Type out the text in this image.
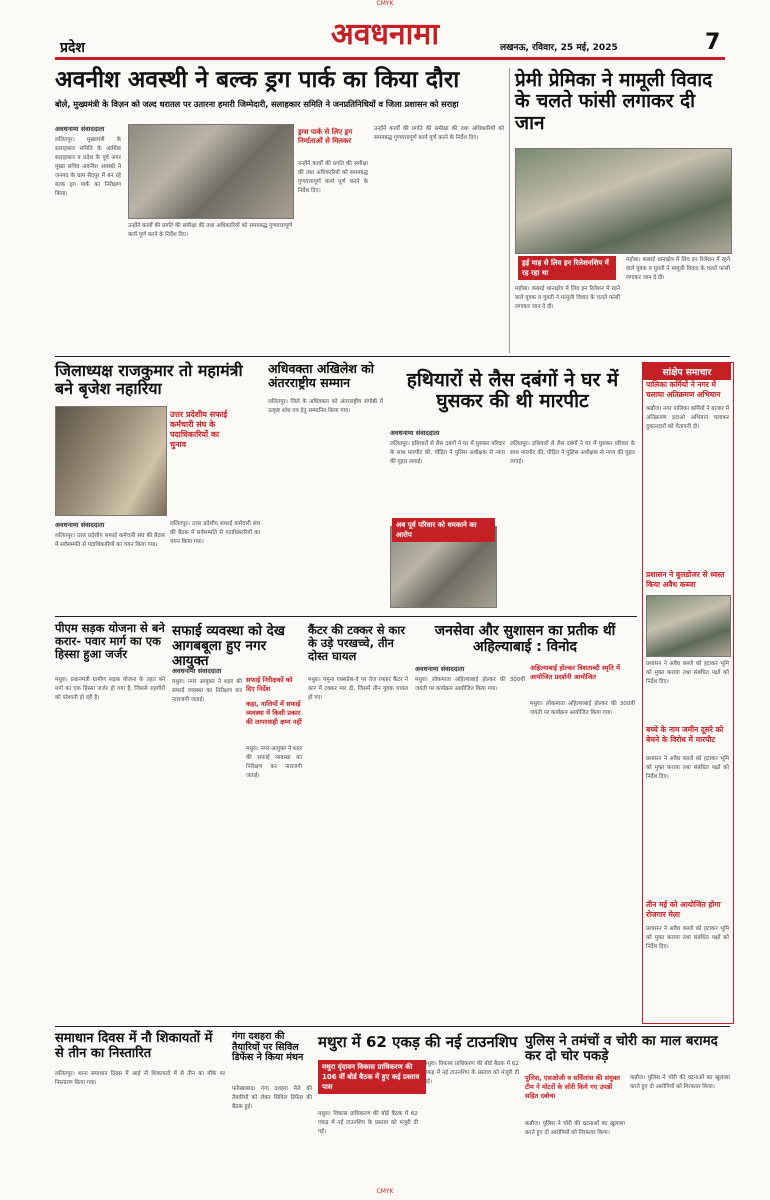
CMYK
प्रदेश	अवधनामा	लखनऊ, रविवार, 25 मई, 2025	7
अवनीश अवस्थी ने बल्क ड्रग पार्क का किया दौरा
बोले, मुख्यमंत्री के विज़न को जल्द धरातल पर उतारना हमारी जिम्मेदारी, सलाहकार समिति ने जनप्रतिनिधियों व जिला प्रशासन को सराहा
अवधनामा संवाददाता
ललितपुर। मुख्यमंत्री के सलाहकार समिति के आर्थिक सलाहकार व प्रदेश के पूर्व अपर मुख्य सचिव अवनीश अवस्थी ने जनपद के ग्राम सैदपुर में बन रहे बल्क ड्रग पार्क का निरीक्षण किया।
उन्होंने कार्यों की प्रगति की समीक्षा की तथा अधिकारियों को समयबद्ध गुणवत्तापूर्ण कार्य पूर्ण करने के निर्देश दिए।
ड्रग्स पार्क से लिए ड्रग निर्माताओं से मिलकर
उन्होंने कार्यों की प्रगति की समीक्षा की तथा अधिकारियों को समयबद्ध गुणवत्तापूर्ण कार्य पूर्ण करने के निर्देश दिए।
उन्होंने कार्यों की प्रगति की समीक्षा की तथा अधिकारियों को समयबद्ध गुणवत्तापूर्ण कार्य पूर्ण करने के निर्देश दिए।
प्रेमी प्रेमिका ने मामूली विवाद के चलते फांसी लगाकर दी जान
ड्रई माह से लिव इन रिलेशनशिप में रह रहा था
महोबा। कबरई थानाक्षेत्र में लिव इन रिलेशन में रहने वाले युवक व युवती ने मामूली विवाद के चलते फांसी लगाकर जान दे दी।
महोबा। कबरई थानाक्षेत्र में लिव इन रिलेशन में रहने वाले युवक व युवती ने मामूली विवाद के चलते फांसी लगाकर जान दे दी।
जिलाध्यक्ष राजकुमार तो महामंत्री बने बृजेश नहारिया
उत्तर प्रदेशीय सफाई कर्मचारी संघ के पदाधिकारियों का चुनाव
अवधनामा संवाददाता
ललितपुर। उत्तर प्रदेशीय सफाई कर्मचारी संघ की बैठक में सर्वसम्मति से पदाधिकारियों का चयन किया गया।
ललितपुर। उत्तर प्रदेशीय सफाई कर्मचारी संघ की बैठक में सर्वसम्मति से पदाधिकारियों का चयन किया गया।
अधिवक्ता अखिलेश को अंतरराष्ट्रीय सम्मान
ललितपुर। जिले के अधिवक्ता को अंतरराष्ट्रीय संगोष्ठी में उत्कृष्ट शोध पत्र हेतु सम्मानित किया गया।
हथियारों से लैस दबंगों ने घर में घुसकर की थी मारपीट
अवधनामा संवाददाता
ललितपुर। हथियारों से लैस दबंगों ने घर में घुसकर परिवार के साथ मारपीट की, पीड़ित ने पुलिस अधीक्षक से न्याय की गुहार लगाई।
अब पूर्व परिवार को धमकाने का आरोप
ललितपुर। हथियारों से लैस दबंगों ने घर में घुसकर परिवार के साथ मारपीट की, पीड़ित ने पुलिस अधीक्षक से न्याय की गुहार लगाई।
सांक्षेप समाचार
पालिका कर्मियों ने नगर में चलाया अतिक्रमण अभियान
कन्नौज। नगर पालिका कर्मियों ने बाजार में अतिक्रमण हटाओ अभियान चलाकर दुकानदारों को चेतावनी दी।
प्रशासन ने बुलडोजर से ध्वस्त किया अवैध कब्जा
प्रशासन ने अवैध कब्जे को हटाकर भूमि को मुक्त कराया तथा संबंधित पक्षों को निर्देश दिए।
बच्चे के नाम जमीन दूसरे को बेचने के विरोध में मारपीट
प्रशासन ने अवैध कब्जे को हटाकर भूमि को मुक्त कराया तथा संबंधित पक्षों को निर्देश दिए।
तीन मई को आयोजित होगा रोजगार मेला
प्रशासन ने अवैध कब्जे को हटाकर भूमि को मुक्त कराया तथा संबंधित पक्षों को निर्देश दिए।
पीएम सड़क योजना से बने करार- पवार मार्ग का एक हिस्सा हुआ जर्जर
मथुरा। प्रधानमंत्री ग्रामीण सड़क योजना के तहत बने मार्ग का एक हिस्सा जर्जर हो गया है, जिससे राहगीरों को परेशानी हो रही है।
सफाई व्यवस्था को देख आगबबूला हुए नगर आयुक्त
अवधनामा संवाददाता
मथुरा। नगर आयुक्त ने शहर की सफाई व्यवस्था का निरीक्षण कर नाराजगी जताई।
सफाई निरीक्षकों को दिए निर्देश
कहा, नालियों में सफाई व्यवस्था में किसी प्रकार की लापरवाही क्षम्य नहीं
मथुरा। नगर आयुक्त ने शहर की सफाई व्यवस्था का निरीक्षण कर नाराजगी जताई।
कैंटर की टक्कर से कार के उड़े परखच्चे, तीन दोस्त घायल
मथुरा। यमुना एक्सप्रेस-वे पर तेज रफ्तार कैंटर ने कार में टक्कर मार दी, जिसमें तीन युवक घायल हो गए।
जनसेवा और सुशासन का प्रतीक थीं अहिल्याबाई : विनोद
अवधनामा संवाददाता
मथुरा। लोकमाता अहिल्याबाई होल्कर की 300वीं जयंती पर कार्यक्रम आयोजित किया गया।
अहिल्याबाई होल्कर त्रिशताब्दी स्मृति में आयोजित प्रदर्शनी आयोजित
मथुरा। लोकमाता अहिल्याबाई होल्कर की 300वीं जयंती पर कार्यक्रम आयोजित किया गया।
समाधान दिवस में नौ शिकायतों में से तीन का निस्तारित
ललितपुर। थाना समाधान दिवस में आई नौ शिकायतों में से तीन का मौके पर निस्तारण किया गया।
गंगा दशहरा की तैयारियों पर सिविल डिफेंस ने किया मंथन
फर्रुखाबाद। गंगा दशहरा मेले की तैयारियों को लेकर सिविल डिफेंस की बैठक हुई।
मथुरा में 62 एकड़ की नई टाउनशिप
मथुरा वृंदावन विकास प्राधिकरण की 106 वीं बोर्ड बैठक में हुए कई प्रस्ताव पास
मथुरा। विकास प्राधिकरण की बोर्ड बैठक में 62 एकड़ में नई टाउनशिप के प्रस्ताव को मंजूरी दी गई।
मथुरा। विकास प्राधिकरण की बोर्ड बैठक में 62 एकड़ में नई टाउनशिप के प्रस्ताव को मंजूरी दी गई।
पुलिस ने तमंचों व चोरी का माल बरामद कर दो चोर पकड़े
पुलिस, एसओजी व सर्विलांस की संयुक्त टीम ने मोटरों के सोरी किये गए उपन्नों सहित दबोचा
कन्नौज। पुलिस ने चोरी की घटनाओं का खुलासा करते हुए दो आरोपियों को गिरफ्तार किया।
कन्नौज। पुलिस ने चोरी की घटनाओं का खुलासा करते हुए दो आरोपियों को गिरफ्तार किया।
CMYK
